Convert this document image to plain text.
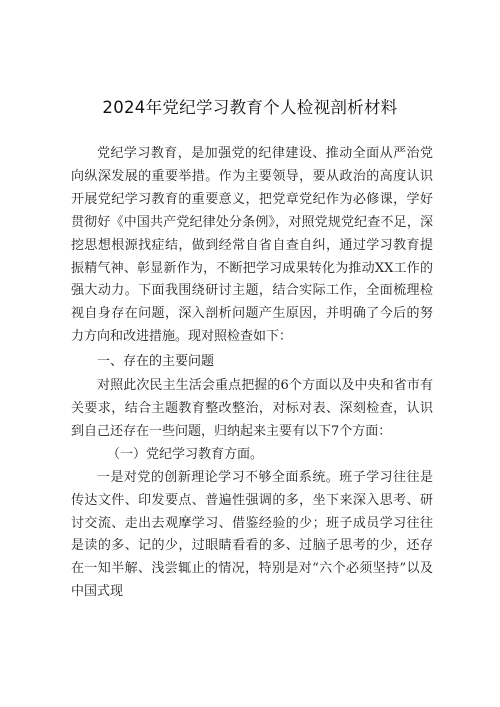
2024年党纪学习教育个人检视剖析材料

党纪学习教育，是加强党的纪律建设、推动全面从严治党向纵深发展的重要举措。作为主要领导，要从政治的高度认识开展党纪学习教育的重要意义，把党章党纪作为必修课，学好贯彻好《中国共产党纪律处分条例》，对照党规党纪查不足，深挖思想根源找症结，做到经常自省自查自纠，通过学习教育提振精气神、彰显新作为，不断把学习成果转化为推动XX工作的强大动力。下面我围绕研讨主题，结合实际工作，全面梳理检视自身存在问题，深入剖析问题产生原因，并明确了今后的努力方向和改进措施。现对照检查如下：

一、存在的主要问题

对照此次民主生活会重点把握的6个方面以及中央和省市有关要求，结合主题教育整改整治，对标对表、深刻检查，认识到自己还存在一些问题，归纳起来主要有以下7个方面：

（一）党纪学习教育方面。

一是对党的创新理论学习不够全面系统。班子学习往往是传达文件、印发要点、普遍性强调的多，坐下来深入思考、研讨交流、走出去观摩学习、借鉴经验的少；班子成员学习往往是读的多、记的少，过眼睛看看的多、过脑子思考的少，还存在一知半解、浅尝辄止的情况，特别是对“六个必须坚持”以及中国式现
